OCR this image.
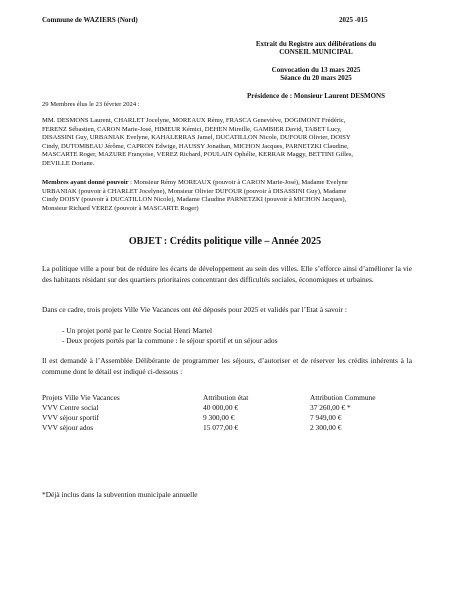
Commune de WAZIERS (Nord)	2025 -015
Extrait du Registre aux délibérations du
CONSEIL MUNICIPAL
Convocation du 13 mars 2025
Séance du 20 mars 2025
Présidence de : Monsieur Laurent DESMONS
29 Membres élus le 23 février 2024 :
MM. DESMONS Laurent, CHARLET Jocelyne, MOREAUX Rémy, FRASCA Geneviève, DOGIMONT Frédéric,
FERENZ Sébastien, CARON Marie-José, HIMEUR Kémici, DEHEN Mireille, GAMBIER David, TABET Lucy,
DISASSINI Guy, URBANIAK Evelyne, KAHALERRAS Jamel, DUCATILLON Nicole, DUFOUR Olivier, DOISY
Cindy, DUTOMBEAU Jérôme, CAPRON Edwige, HAUSSY Jonathan, MICHON Jacques, PARNETZKI Claudine,
MASCARTE Roger, MAZURE Françoise, VEREZ Richard, POULAIN Ophélie, KERRAR Maggy, BETTINI Gilles,
DEVILLE Doriane.
Membres ayant donné pouvoir : Monsieur Rémy MOREAUX (pouvoir à CARON Marie-José), Madame Evelyne
URBANIAK (pouvoir à CHARLET Jocelyne), Monsieur Olivier DUFOUR (pouvoir à DISASSINI Guy), Madame
Cindy DOISY (pouvoir à DUCATILLON Nicole), Madame Claudine PARNETZKI (pouvoir à MICHON Jacques),
Monsieur Richard VEREZ (pouvoir à MASCARTE Roger)
OBJET : Crédits politique ville – Année 2025
La politique ville a pour but de réduire les écarts de développement au sein des villes. Elle s’efforce ainsi d’améliorer la vie des habitants résidant sur des quartiers prioritaires concentrant des difficultés sociales, économiques et urbaines.
Dans ce cadre, trois projets Ville Vie Vacances ont été déposés pour 2025 et validés par l’Etat à savoir :
- Un projet porté par le Centre Social Henri Martel
- Deux projets portés par la commune : le séjour sportif et un séjour ados
Il est demandé à l’Assemblée Délibérante de programmer les séjours, d’autoriser et de réserver les crédits inhérents à la commune dont le détail est indiqué ci-dessous :
Projets Ville Vie Vacances	Attribution état	Attribution Commune
VVV Centre social	40 000,00 €	37 260,00 € *
VVV séjour sportif	9 300,00 €	7 949,00 €
VVV séjour ados	15 077,00 €	2 300,00 €
*Déjà inclus dans la subvention municipale annuelle
